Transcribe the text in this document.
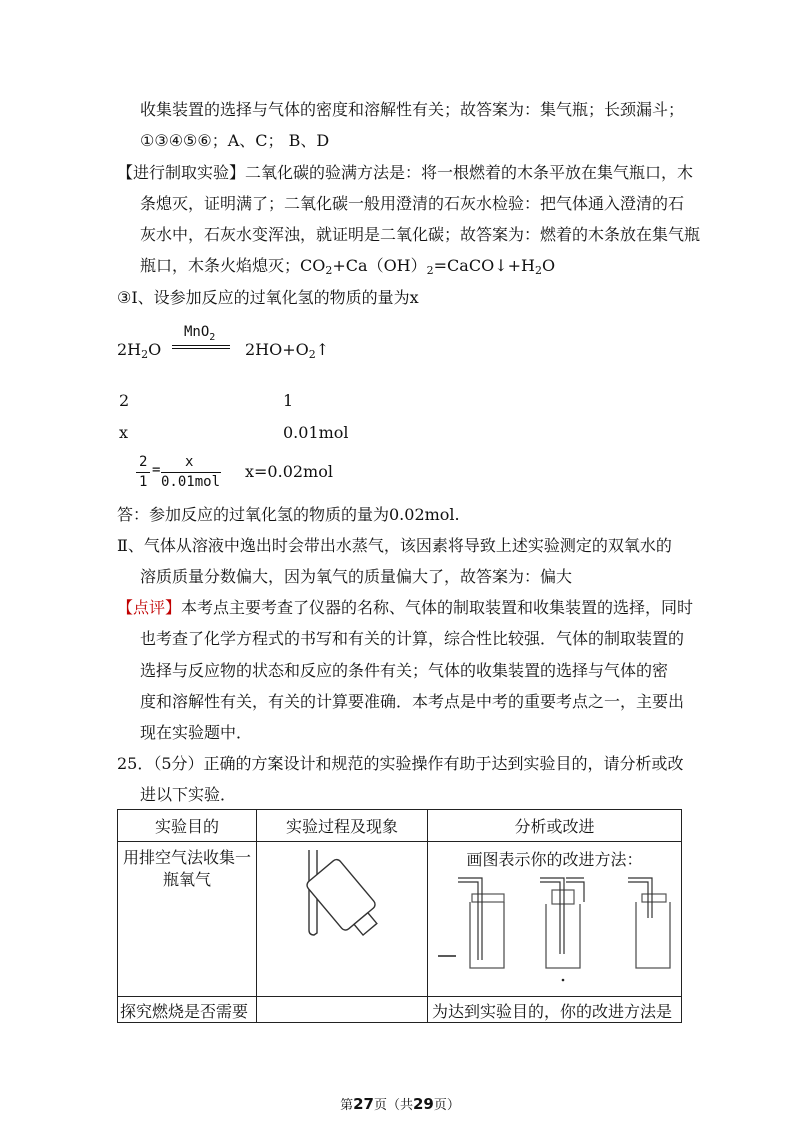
收集装置的选择与气体的密度和溶解性有关；故答案为：集气瓶；长颈漏斗；
①③④⑤⑥；A、C； B、D
【进行制取实验】二氧化碳的验满方法是：将一根燃着的木条平放在集气瓶口，木
条熄灭，证明满了；二氧化碳一般用澄清的石灰水检验：把气体通入澄清的石
灰水中，石灰水变浑浊，就证明是二氧化碳；故答案为：燃着的木条放在集气瓶
瓶口，木条火焰熄灭；CO2+Ca（OH）2=CaCO↓+H2O
③Ⅰ、设参加反应的过氧化氢的物质的量为x
2H2O
MnO$_2$
2HO+O2↑
2	1
x	0.01mol
2
1
= x
0.01mol
x=0.02mol
答：参加反应的过氧化氢的物质的量为0.02mol.
Ⅱ、气体从溶液中逸出时会带出水蒸气，该因素将导致上述实验测定的双氧水的
溶质质量分数偏大，因为氧气的质量偏大了，故答案为：偏大
【点评】本考点主要考查了仪器的名称、气体的制取装置和收集装置的选择，同时
也考查了化学方程式的书写和有关的计算，综合性比较强．气体的制取装置的
选择与反应物的状态和反应的条件有关；气体的收集装置的选择与气体的密
度和溶解性有关，有关的计算要准确．本考点是中考的重要考点之一，主要出
现在实验题中．
25．（5分）正确的方案设计和规范的实验操作有助于达到实验目的，请分析或改
进以下实验．
实验目的	实验过程及现象	分析或改进
用排空气法收集一瓶氧气		画图表示你的改进方法：

探究燃烧是否需要		为达到实验目的，你的改进方法是
第27页（共29页）
